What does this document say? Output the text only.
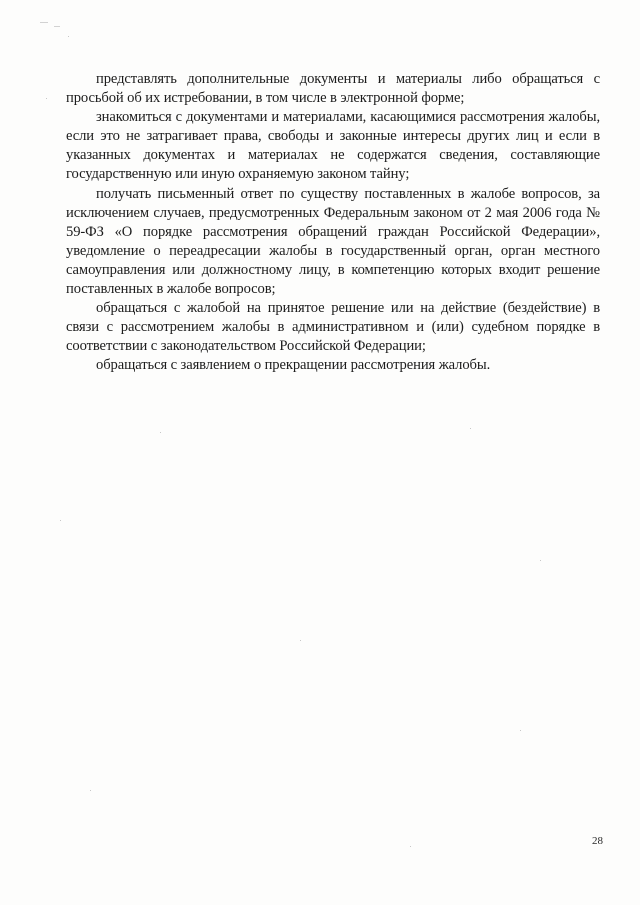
представлять дополнительные документы и материалы либо обращаться с просьбой об их истребовании, в том числе в электронной форме;

знакомиться с документами и материалами, касающимися рассмотрения жалобы, если это не затрагивает права, свободы и законные интересы других лиц и если в указанных документах и материалах не содержатся сведения, составляющие государственную или иную охраняемую законом тайну;

получать письменный ответ по существу поставленных в жалобе вопросов, за исключением случаев, предусмотренных Федеральным законом от 2 мая 2006 года № 59-ФЗ «О порядке рассмотрения обращений граждан Российской Федерации», уведомление о переадресации жалобы в государственный орган, орган местного самоуправления или должностному лицу, в компетенцию которых входит решение поставленных в жалобе вопросов;

обращаться с жалобой на принятое решение или на действие (бездействие) в связи с рассмотрением жалобы в административном и (или) судебном порядке в соответствии с законодательством Российской Федерации;

обращаться с заявлением о прекращении рассмотрения жалобы.

28
